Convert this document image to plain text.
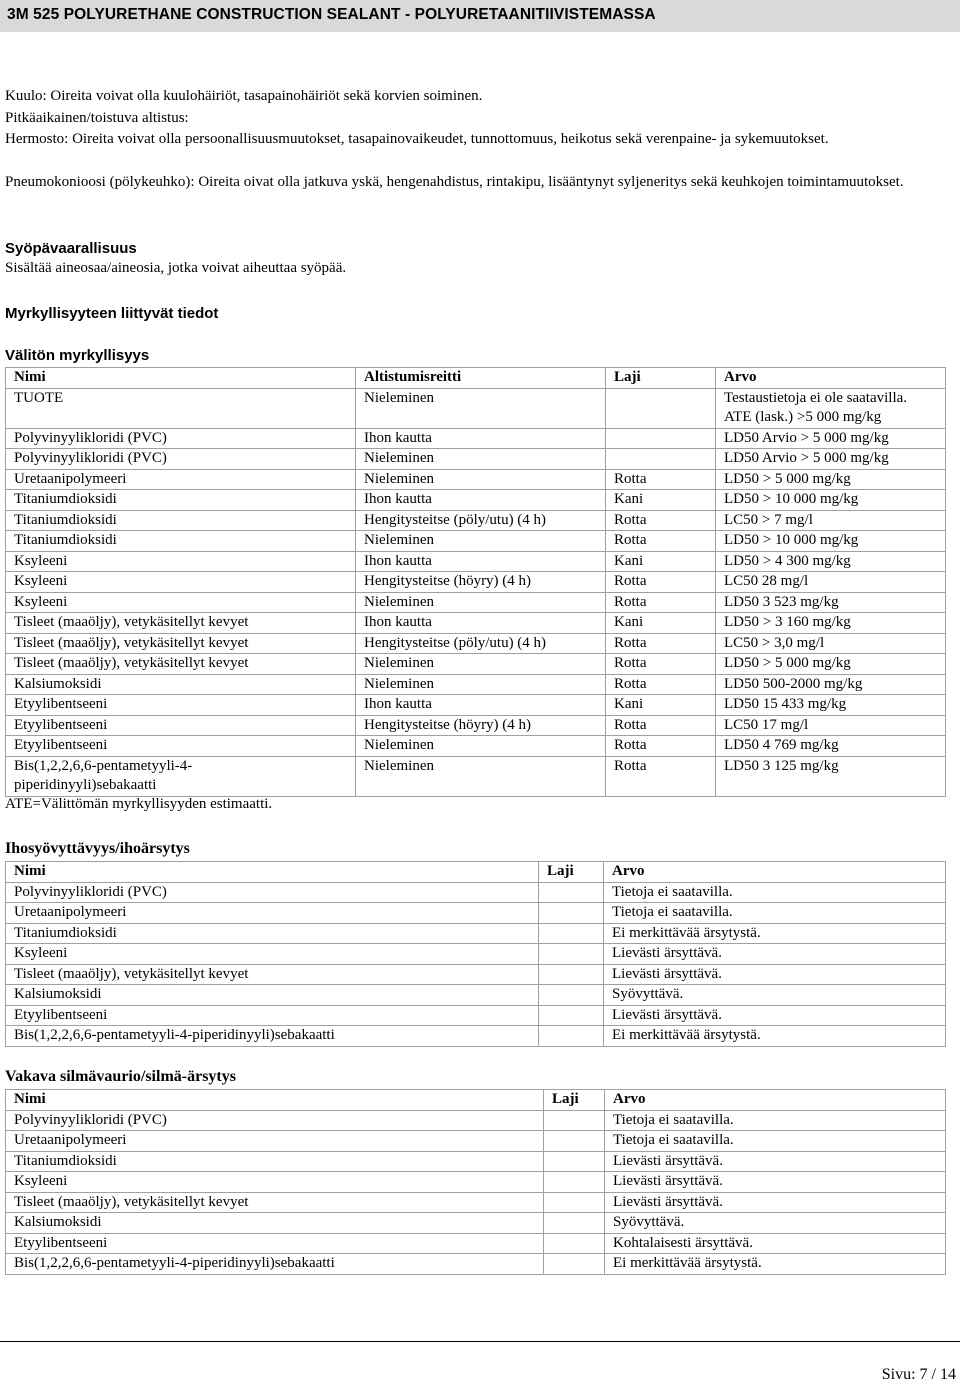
3M 525 POLYURETHANE CONSTRUCTION SEALANT - POLYURETAANITIIVISTEMASSA
Kuulo: Oireita voivat olla kuulohäiriöt, tasapainohäiriöt sekä korvien soiminen.
Pitkäaikainen/toistuva altistus:
Hermosto: Oireita voivat olla persoonallisuusmuutokset, tasapainovaikeudet, tunnottomuus, heikotus sekä verenpaine- ja sykemuutokset.
Pneumokonioosi (pölykeuhko): Oireita oivat olla jatkuva yskä, hengenahdistus, rintakipu, lisääntynyt syljeneritys sekä keuhkojen toimintamuutokset.
Syöpävaarallisuus
Sisältää aineosaa/aineosia, jotka voivat aiheuttaa syöpää.
Myrkyllisyyteen liittyvät tiedot
Välitön myrkyllisyys
Nimi	Altistumisreitti	Laji	Arvo
TUOTE	Nieleminen		Testaustietoja ei ole saatavilla.
ATE (lask.) >5 000 mg/kg
Polyvinyylikloridi (PVC)	Ihon kautta		LD50 Arvio > 5 000 mg/kg
Polyvinyylikloridi (PVC)	Nieleminen		LD50 Arvio > 5 000 mg/kg
Uretaanipolymeeri	Nieleminen	Rotta	LD50 > 5 000 mg/kg
Titaniumdioksidi	Ihon kautta	Kani	LD50 > 10 000 mg/kg
Titaniumdioksidi	Hengitysteitse (pöly/utu) (4 h)	Rotta	LC50 > 7 mg/l
Titaniumdioksidi	Nieleminen	Rotta	LD50 > 10 000 mg/kg
Ksyleeni	Ihon kautta	Kani	LD50 > 4 300 mg/kg
Ksyleeni	Hengitysteitse (höyry) (4 h)	Rotta	LC50 28 mg/l
Ksyleeni	Nieleminen	Rotta	LD50 3 523 mg/kg
Tisleet (maaöljy), vetykäsitellyt kevyet	Ihon kautta	Kani	LD50 > 3 160 mg/kg
Tisleet (maaöljy), vetykäsitellyt kevyet	Hengitysteitse (pöly/utu) (4 h)	Rotta	LC50 > 3,0 mg/l
Tisleet (maaöljy), vetykäsitellyt kevyet	Nieleminen	Rotta	LD50 > 5 000 mg/kg
Kalsiumoksidi	Nieleminen	Rotta	LD50 500-2000 mg/kg
Etyylibentseeni	Ihon kautta	Kani	LD50 15 433 mg/kg
Etyylibentseeni	Hengitysteitse (höyry) (4 h)	Rotta	LC50 17 mg/l
Etyylibentseeni	Nieleminen	Rotta	LD50 4 769 mg/kg
Bis(1,2,2,6,6-pentametyyli-4-
piperidinyyli)sebakaatti	Nieleminen	Rotta	LD50 3 125 mg/kg
ATE=Välittömän myrkyllisyyden estimaatti.
Ihosyövyttävyys/ihoärsytys
Nimi	Laji	Arvo
Polyvinyylikloridi (PVC)		Tietoja ei saatavilla.
Uretaanipolymeeri		Tietoja ei saatavilla.
Titaniumdioksidi		Ei merkittävää ärsytystä.
Ksyleeni		Lievästi ärsyttävä.
Tisleet (maaöljy), vetykäsitellyt kevyet		Lievästi ärsyttävä.
Kalsiumoksidi		Syövyttävä.
Etyylibentseeni		Lievästi ärsyttävä.
Bis(1,2,2,6,6-pentametyyli-4-piperidinyyli)sebakaatti		Ei merkittävää ärsytystä.
Vakava silmävaurio/silmä-ärsytys
Nimi	Laji	Arvo
Polyvinyylikloridi (PVC)		Tietoja ei saatavilla.
Uretaanipolymeeri		Tietoja ei saatavilla.
Titaniumdioksidi		Lievästi ärsyttävä.
Ksyleeni		Lievästi ärsyttävä.
Tisleet (maaöljy), vetykäsitellyt kevyet		Lievästi ärsyttävä.
Kalsiumoksidi		Syövyttävä.
Etyylibentseeni		Kohtalaisesti ärsyttävä.
Bis(1,2,2,6,6-pentametyyli-4-piperidinyyli)sebakaatti		Ei merkittävää ärsytystä.
Sivu: 7 / 14
